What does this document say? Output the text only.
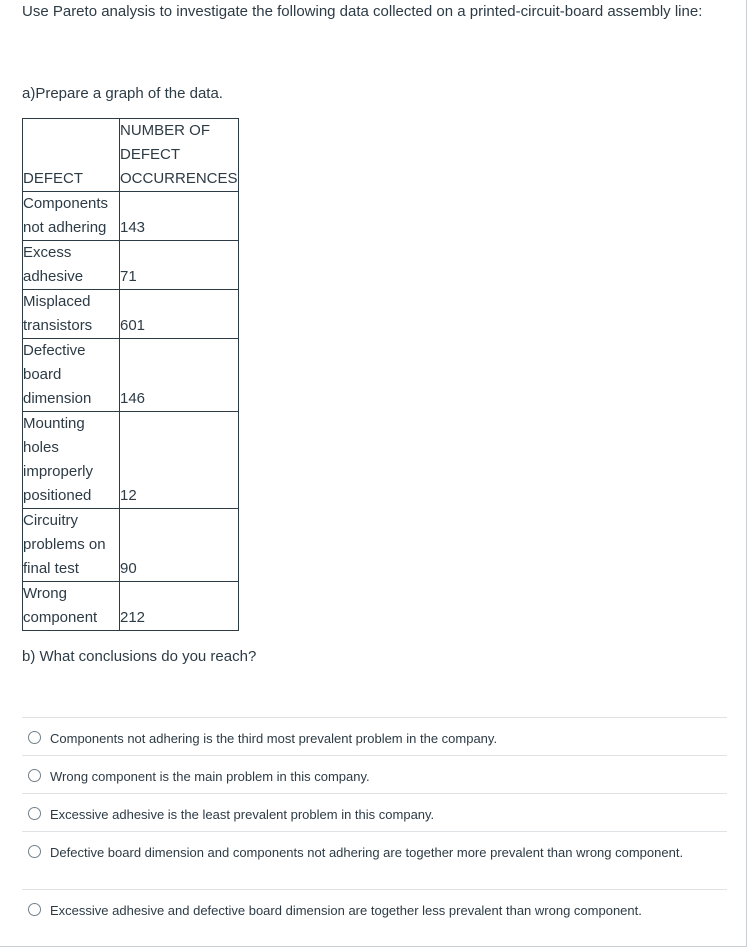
Use Pareto analysis to investigate the following data collected on a printed-circuit-board assembly line:

a)Prepare a graph of the data.

DEFECT	NUMBER OF
DEFECT
OCCURRENCES

Components
not adhering	143

Excess
adhesive	71

Misplaced
transistors	601

Defective
board
dimension	146

Mounting
holes
improperly
positioned	12

Circuitry
problems on
final test	90

Wrong
component	212

b) What conclusions do you reach?

Components not adhering is the third most prevalent problem in the company.
Wrong component is the main problem in this company.
Excessive adhesive is the least prevalent problem in this company.
Defective board dimension and components not adhering are together more prevalent than wrong component.
Excessive adhesive and defective board dimension are together less prevalent than wrong component.
